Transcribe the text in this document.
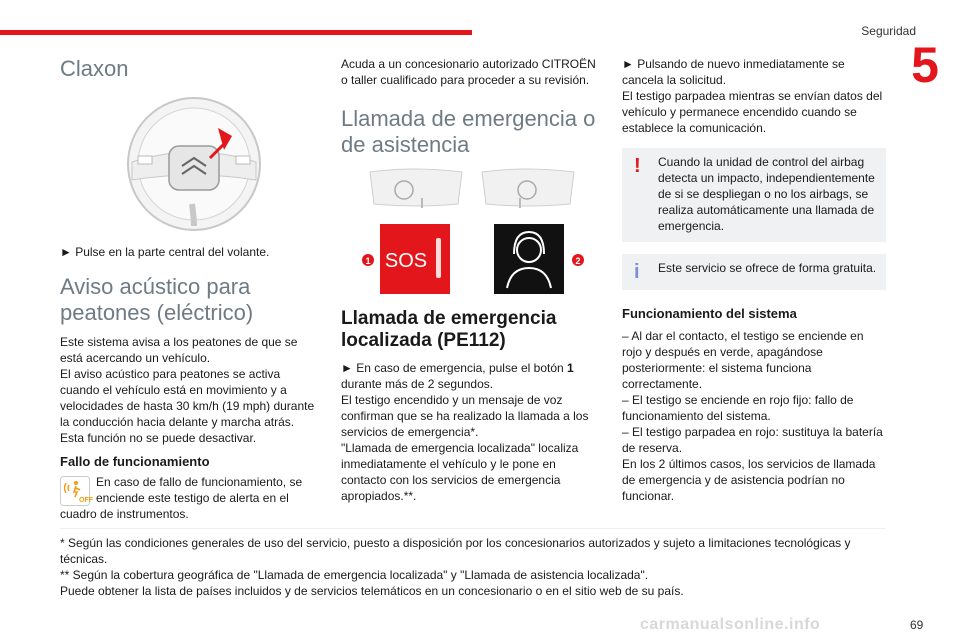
Seguridad
5
Claxon

► Pulse en la parte central del volante.

Aviso acústico para
peatones (eléctrico)

Este sistema avisa a los peatones de que se está acercando un vehículo.

El aviso acústico para peatones se activa cuando el vehículo está en movimiento y a velocidades de hasta 30 km/h (19 mph) durante la conducción hacia delante y marcha atrás.

Esta función no se puede desactivar.

Fallo de funcionamiento
OFF

En caso de fallo de funcionamiento, se enciende este testigo de alerta en el

cuadro de instrumentos.

Acuda a un concesionario autorizado CITROËN o taller cualificado para proceder a su revisión.

Llamada de emergencia o
de asistencia
Llamada de emergencia
localizada (PE112)

► En caso de emergencia, pulse el botón 1 durante más de 2 segundos.

El testigo encendido y un mensaje de voz confirman que se ha realizado la llamada a los servicios de emergencia*.

"Llamada de emergencia localizada" localiza inmediatamente el vehículo y le pone en contacto con los servicios de emergencia apropiados.**.

SOS
1	2

► Pulsando de nuevo inmediatamente se cancela la solicitud.

El testigo parpadea mientras se envían datos del vehículo y permanece encendido cuando se establece la comunicación.

! Cuando la unidad de control del airbag detecta un impacto, independientemente de si se despliegan o no los airbags, se realiza automáticamente una llamada de emergencia.
i Este servicio se ofrece de forma gratuita.
Funcionamiento del sistema

– Al dar el contacto, el testigo se enciende en rojo y después en verde, apagándose posteriormente: el sistema funciona correctamente.

– El testigo se enciende en rojo fijo: fallo de funcionamiento del sistema.

– El testigo parpadea en rojo: sustituya la batería de reserva.

En los 2 últimos casos, los servicios de llamada de emergencia y de asistencia podrían no funcionar.

* Según las condiciones generales de uso del servicio, puesto a disposición por los concesionarios autorizados y sujeto a limitaciones tecnológicas y técnicas.

** Según la cobertura geográfica de "Llamada de emergencia localizada" y "Llamada de asistencia localizada".

Puede obtener la lista de países incluidos y de servicios telemáticos en un concesionario o en el sitio web de su país.

carmanualsonline.info	69
